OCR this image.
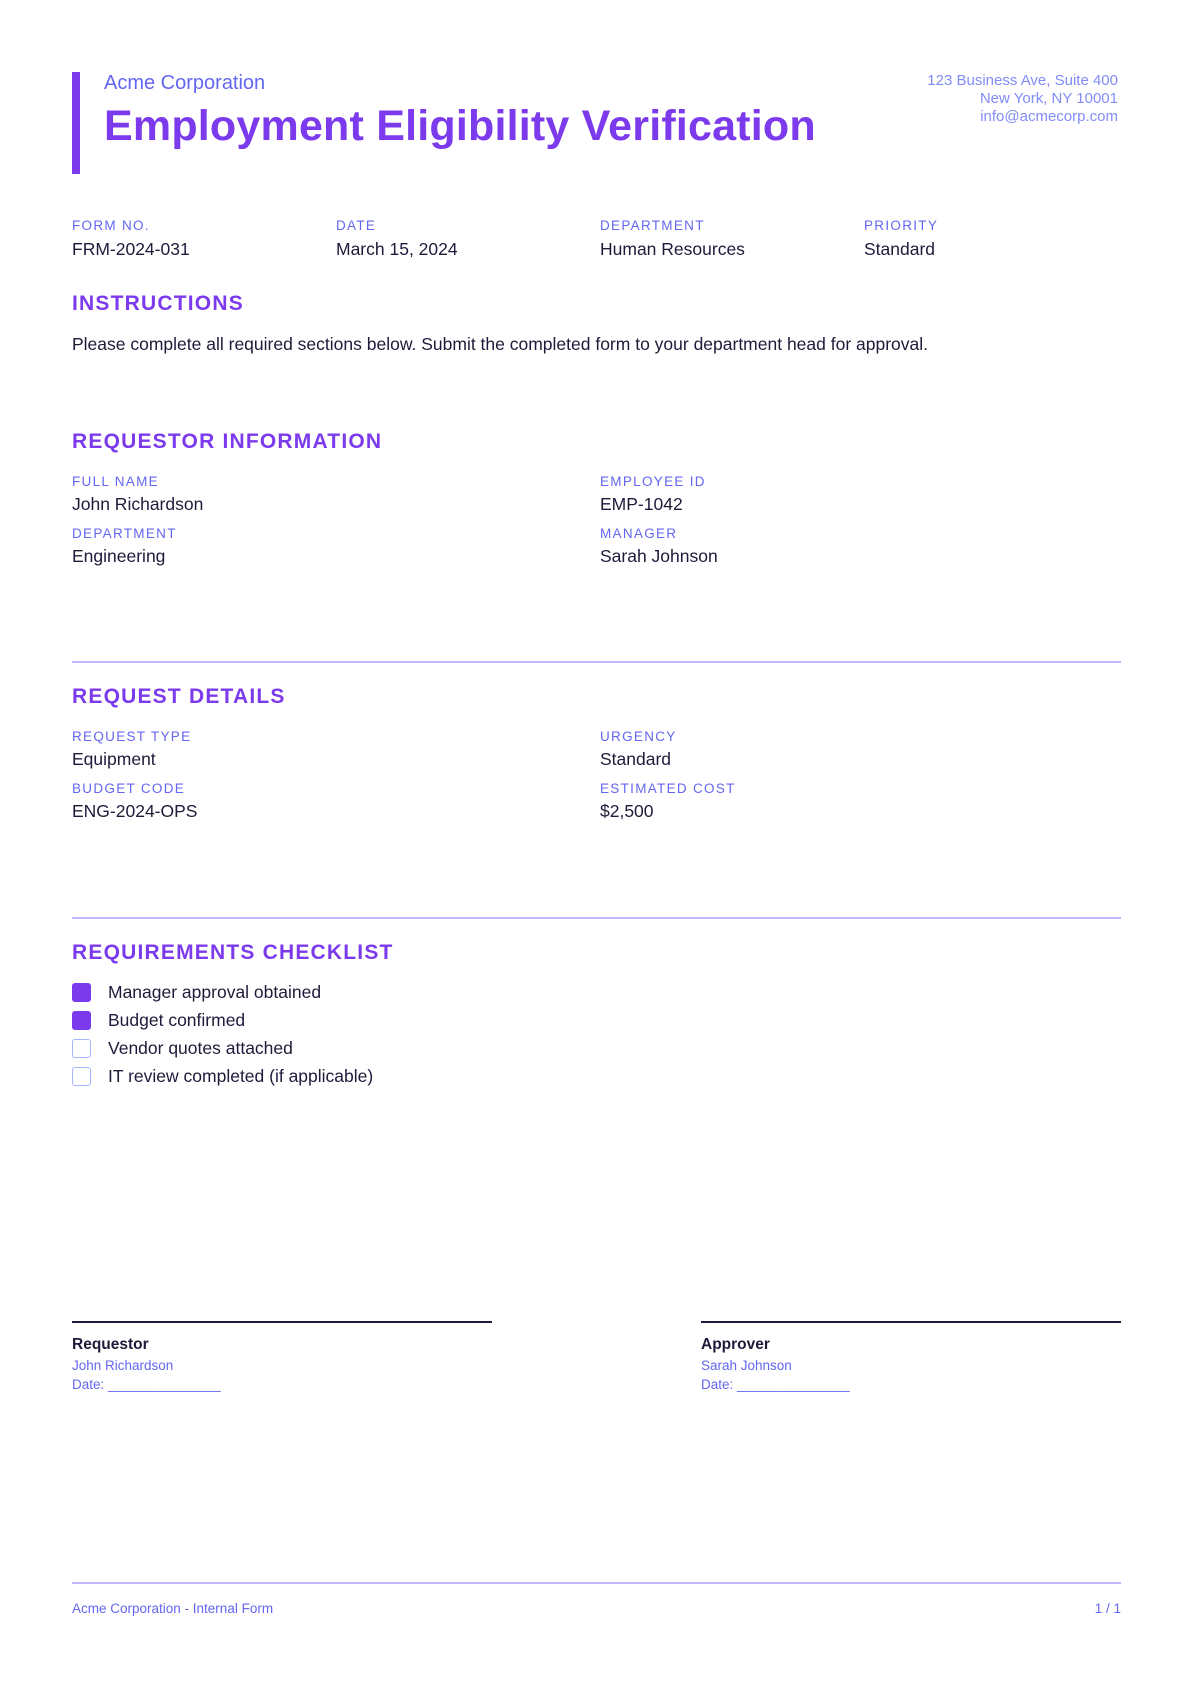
Acme Corporation
Employment Eligibility Verification
123 Business Ave, Suite 400
New York, NY 10001
info@acmecorp.com
FORM NO.
FRM-2024-031
DATE
March 15, 2024
DEPARTMENT
Human Resources
PRIORITY
Standard
INSTRUCTIONS
Please complete all required sections below. Submit the completed form to your department head for approval.
REQUESTOR INFORMATION
FULL NAME
John Richardson
EMPLOYEE ID
EMP-1042
DEPARTMENT
Engineering
MANAGER
Sarah Johnson
REQUEST DETAILS
REQUEST TYPE
Equipment
URGENCY
Standard
BUDGET CODE
ENG-2024-OPS
ESTIMATED COST
$2,500
REQUIREMENTS CHECKLIST
Manager approval obtained
Budget confirmed
Vendor quotes attached
IT review completed (if applicable)
Requestor
John Richardson
Date: _______________
Approver
Sarah Johnson
Date: _______________
Acme Corporation - Internal Form	1 / 1
